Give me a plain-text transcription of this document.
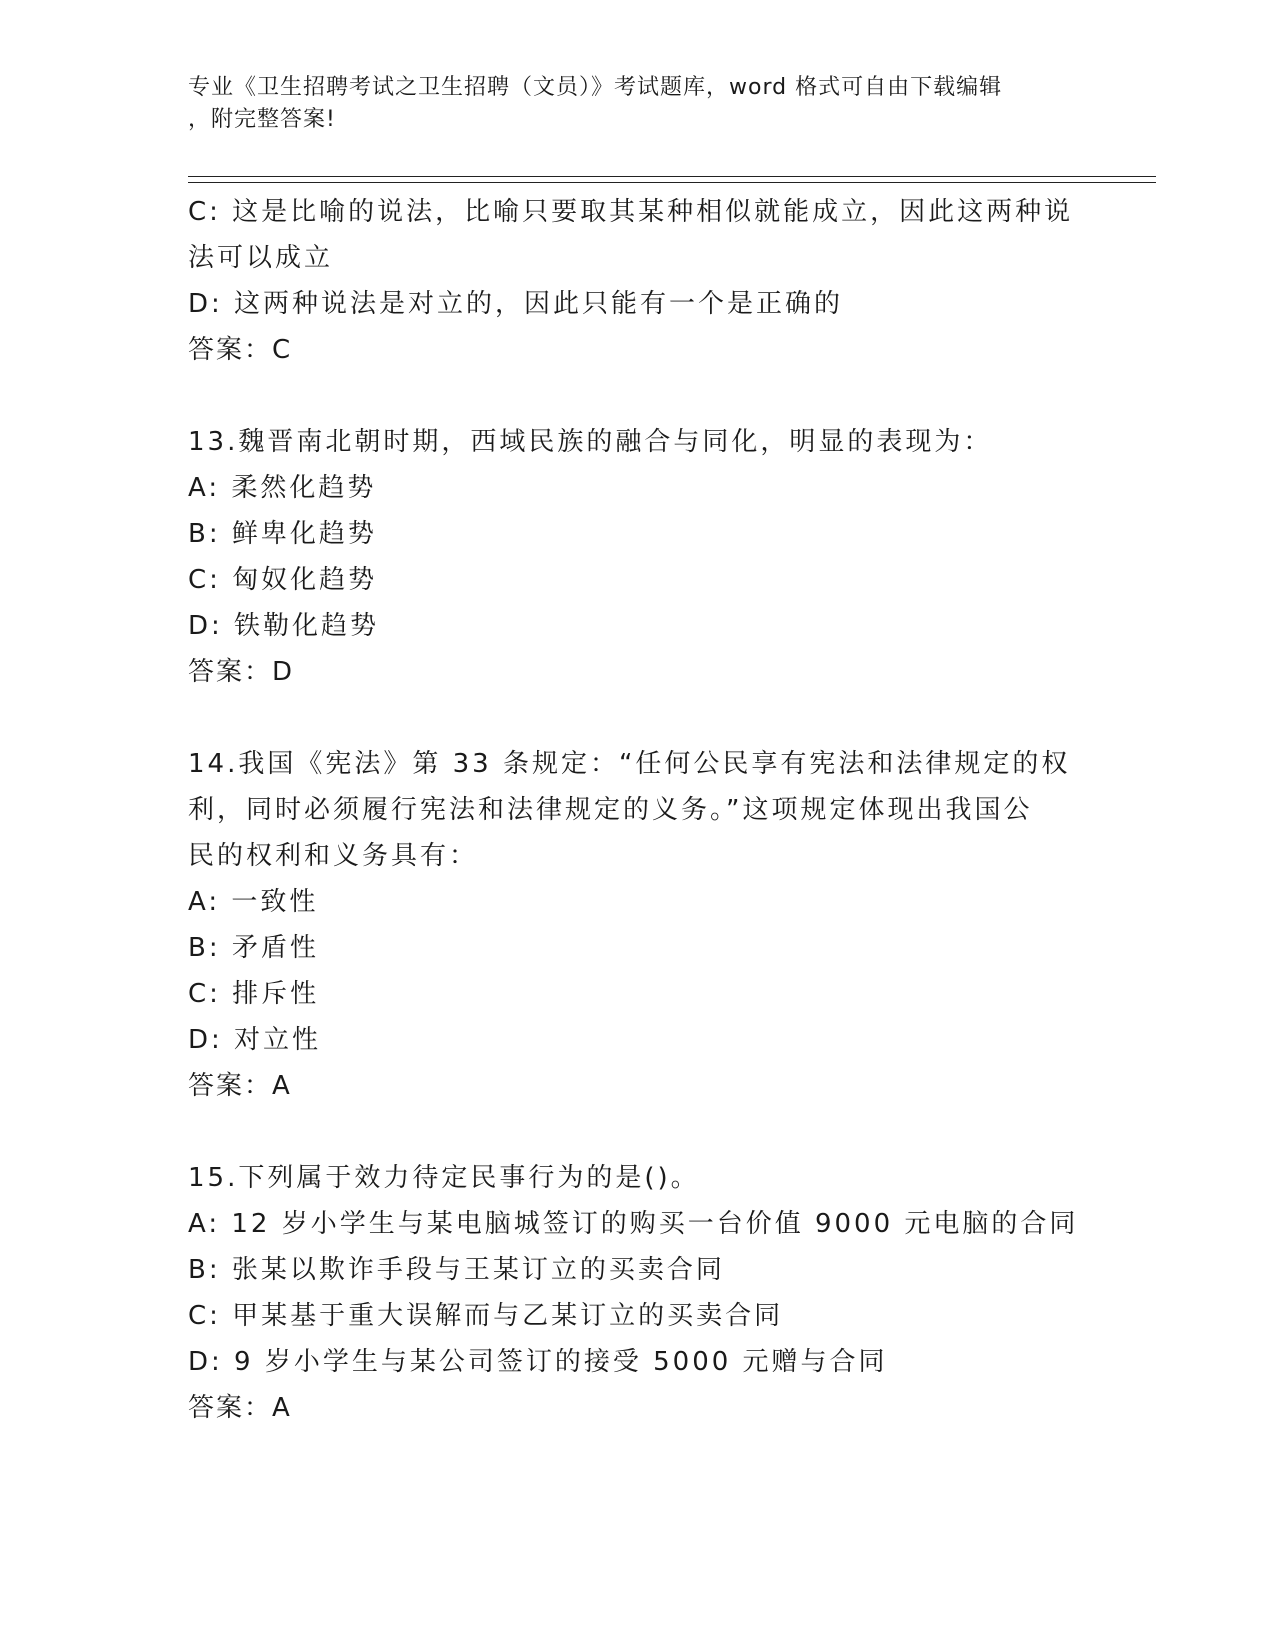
专业《卫生招聘考试之卫生招聘（文员）》考试题库，word 格式可自由下载编辑
，附完整答案!
C: 这是比喻的说法，比喻只要取其某种相似就能成立，因此这两种说
法可以成立
D: 这两种说法是对立的，因此只能有一个是正确的
答案：C
13.魏晋南北朝时期，西域民族的融合与同化，明显的表现为：
A: 柔然化趋势
B: 鲜卑化趋势
C: 匈奴化趋势
D: 铁勒化趋势
答案：D
14.我国《宪法》第 33 条规定：“任何公民享有宪法和法律规定的权
利，同时必须履行宪法和法律规定的义务。”这项规定体现出我国公
民的权利和义务具有：
A: 一致性
B: 矛盾性
C: 排斥性
D: 对立性
答案：A
15.下列属于效力待定民事行为的是()。
A: 12 岁小学生与某电脑城签订的购买一台价值 9000 元电脑的合同
B: 张某以欺诈手段与王某订立的买卖合同
C: 甲某基于重大误解而与乙某订立的买卖合同
D: 9 岁小学生与某公司签订的接受 5000 元赠与合同
答案：A
